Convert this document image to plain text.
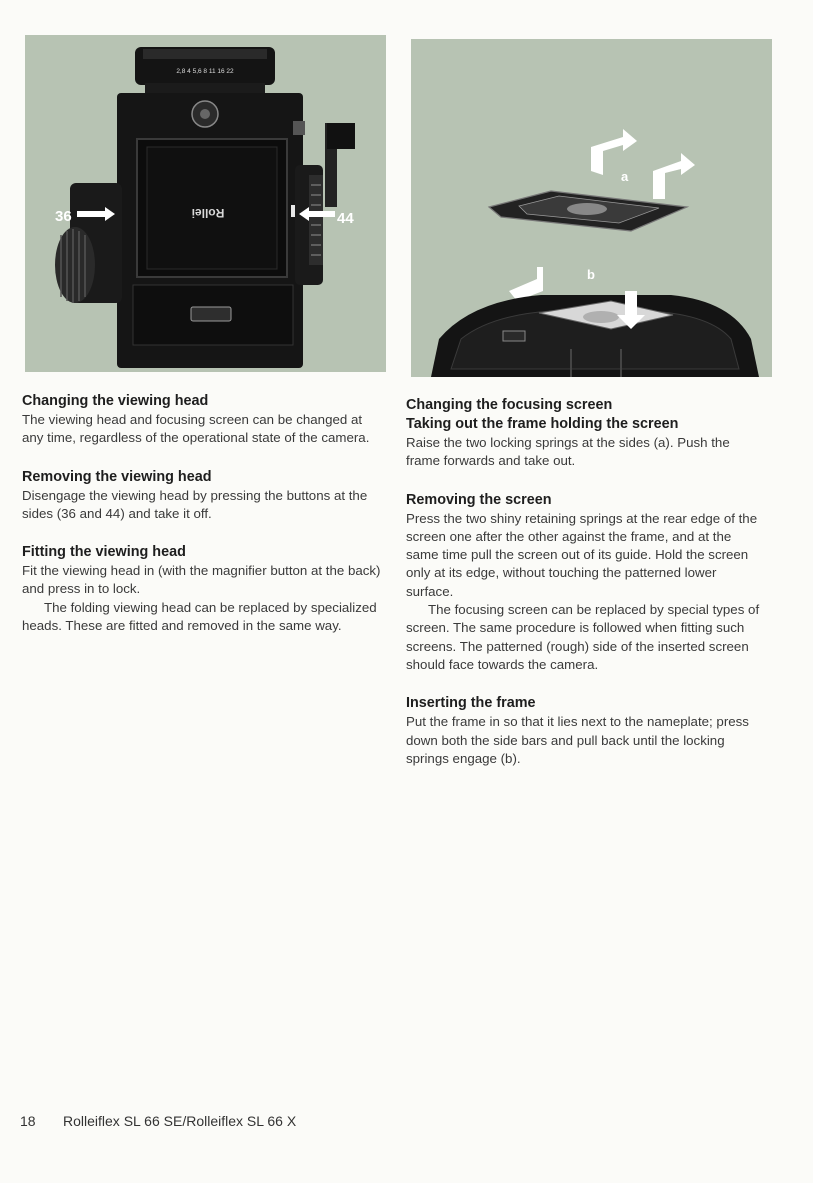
2,8 4 5,6 8 11 16 22
Rollei
36	44
a
b
Changing the viewing head

The viewing head and focusing screen can be changed at any time, regardless of the operational state of the camera.

Removing the viewing head

Disengage the viewing head by pressing the buttons at the sides (36 and 44) and take it off.

Fitting the viewing head

Fit the viewing head in (with the magnifier button at the back) and press in to lock.

The folding viewing head can be replaced by specialized heads. These are fitted and removed in the same way.

Changing the focusing screen
Taking out the frame holding the screen

Raise the two locking springs at the sides (a). Push the frame forwards and take out.

Removing the screen

Press the two shiny retaining springs at the rear edge of the screen one after the other against the frame, and at the same time pull the screen out of its guide. Hold the screen only at its edge, without touching the patterned lower surface.

The focusing screen can be replaced by special types of screen. The same procedure is followed when fitting such screens. The patterned (rough) side of the inserted screen should face towards the camera.

Inserting the frame

Put the frame in so that it lies next to the nameplate; press down both the side bars and pull back until the locking springs engage (b).

18 Rolleiflex SL 66 SE/Rolleiflex SL 66 X
